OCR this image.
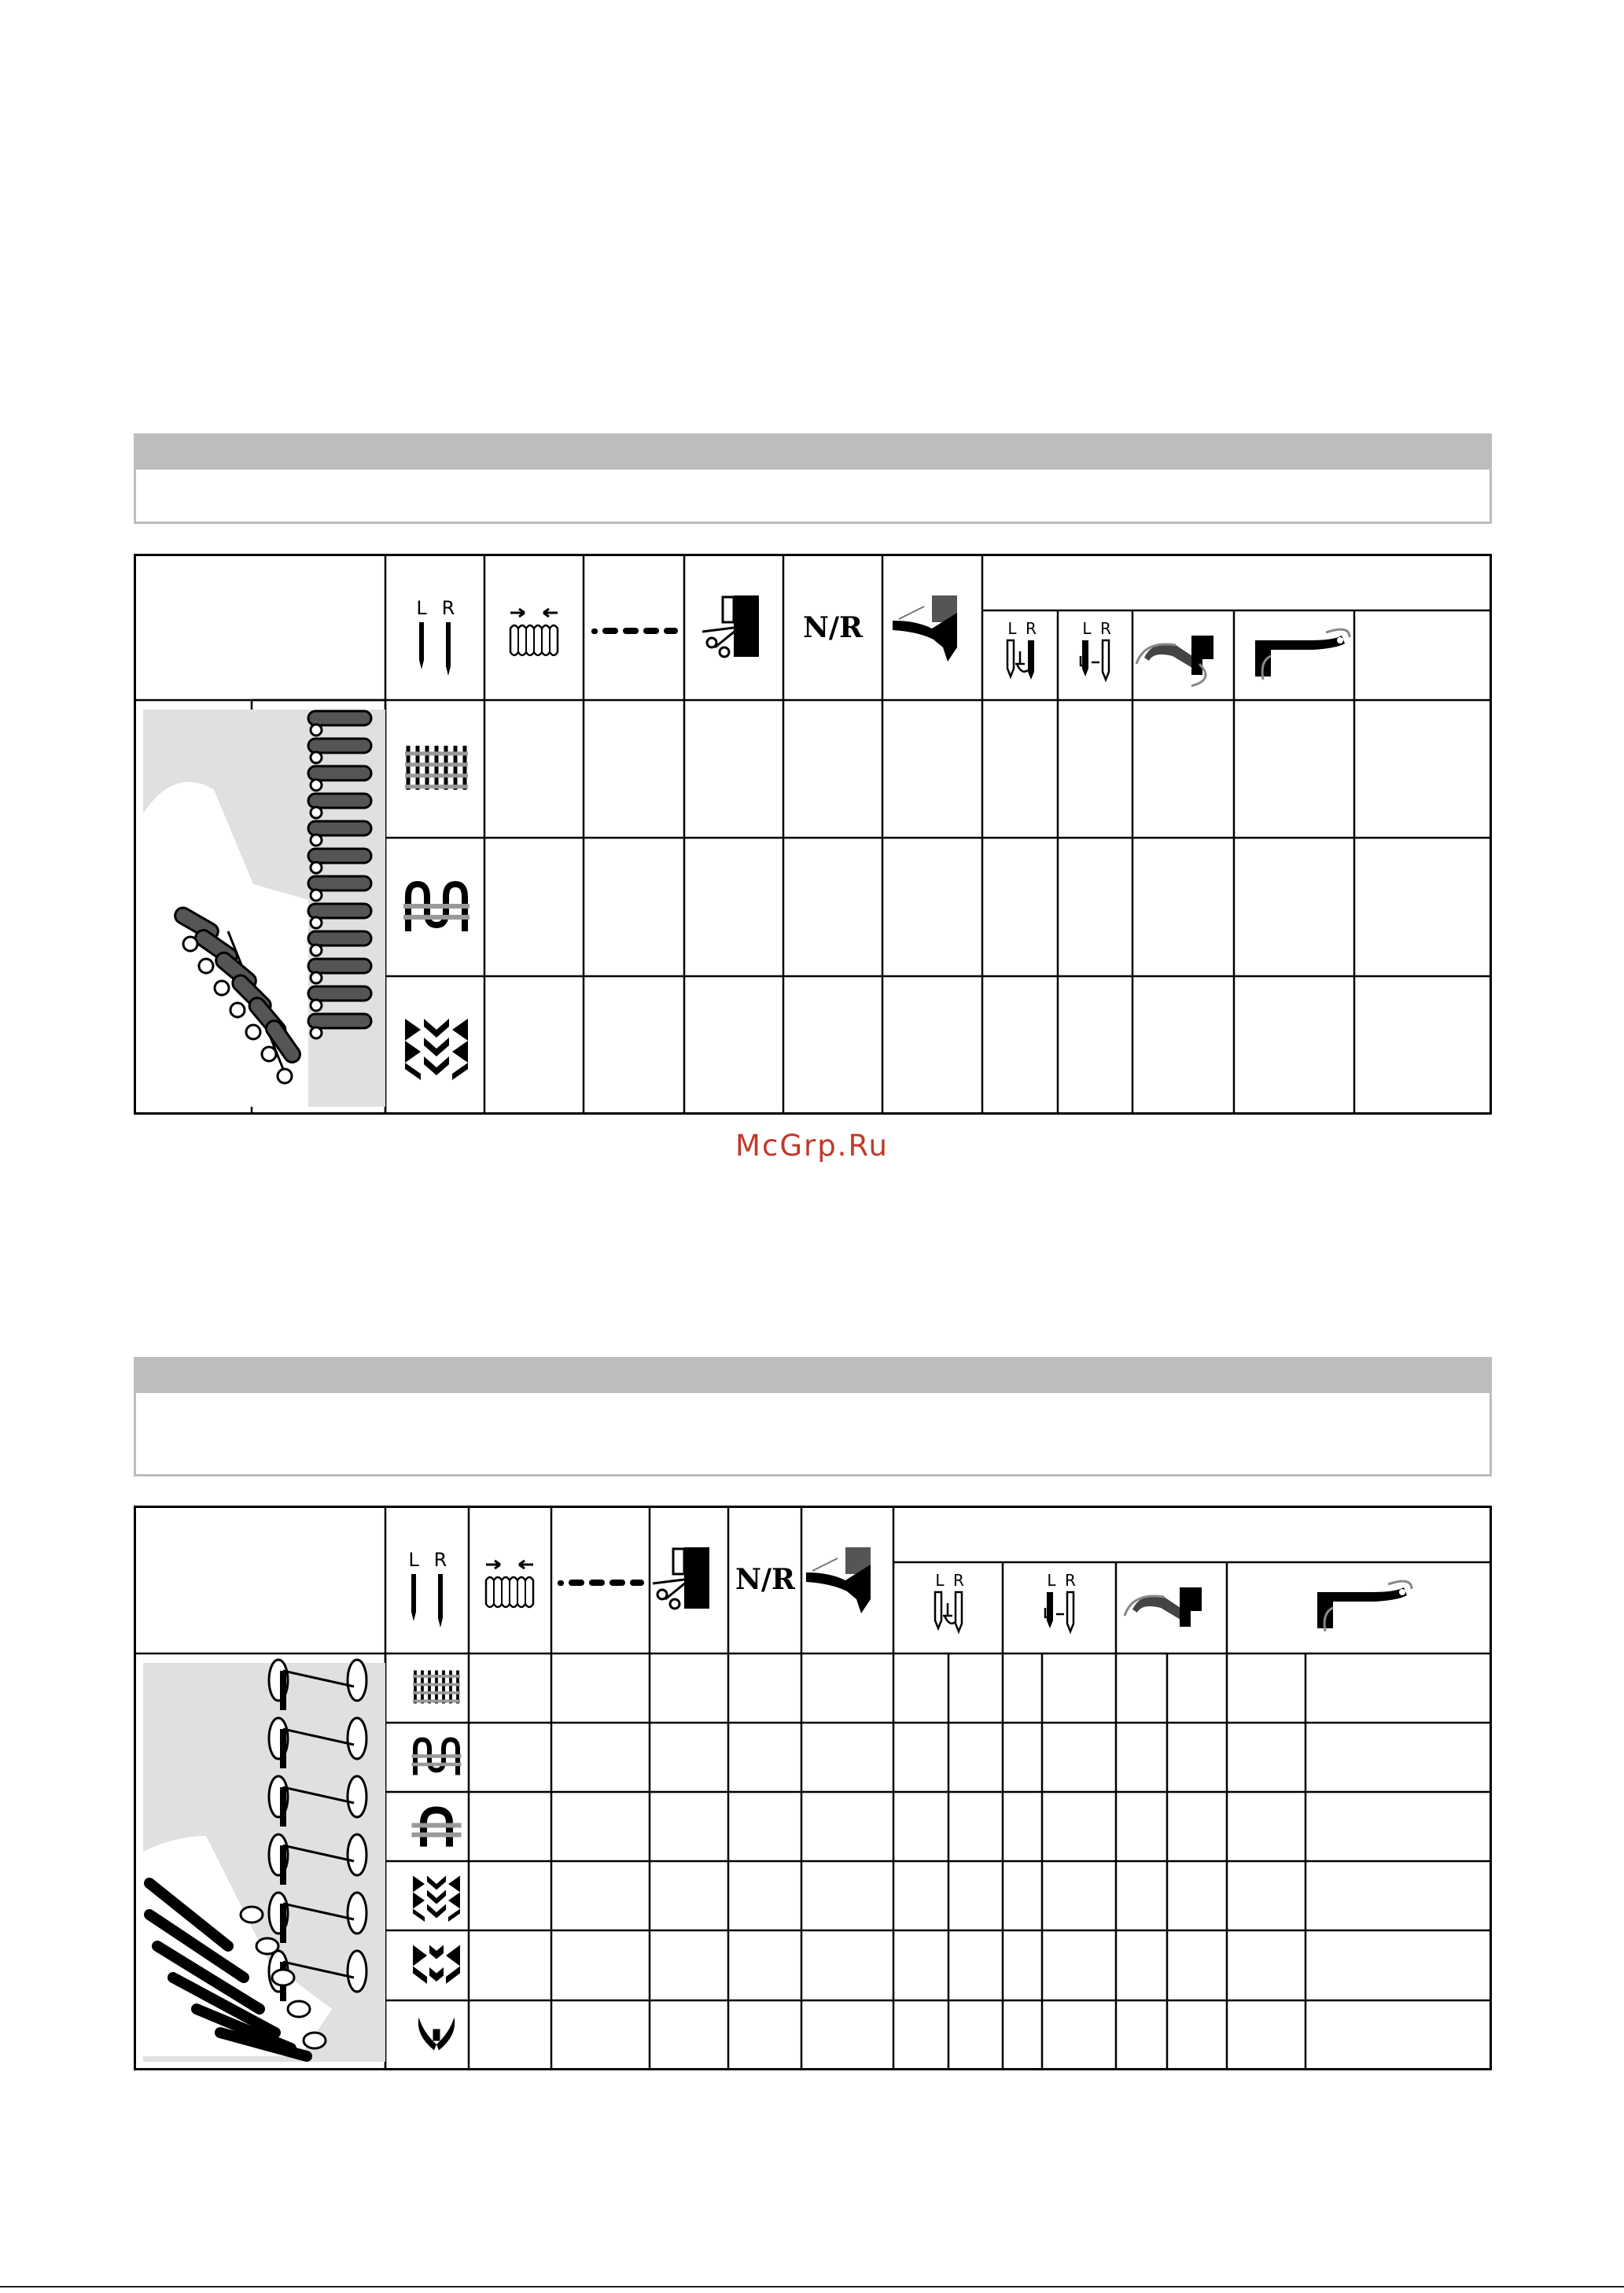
L R
N/R	L R	L R
McGrp.Ru
L R
N/R	L R	L R
